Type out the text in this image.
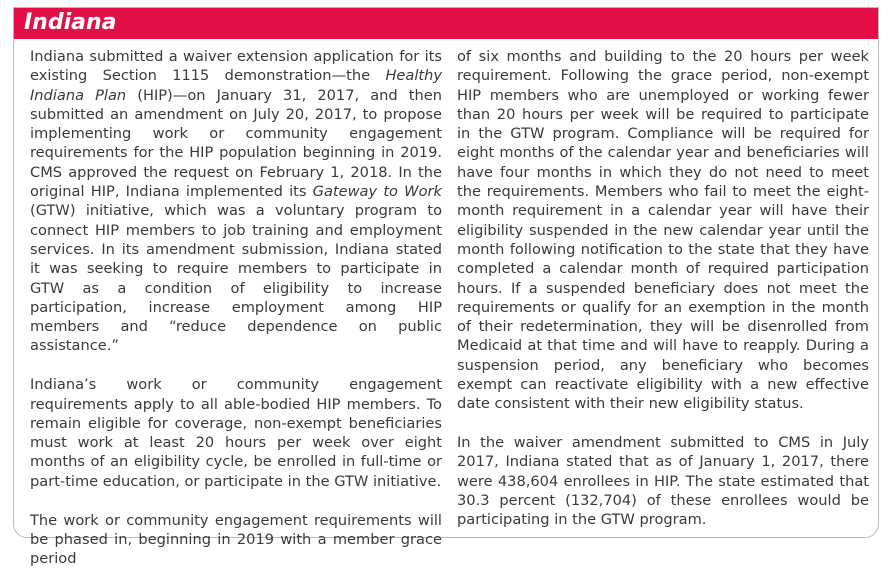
Indiana

Indiana submitted a waiver extension application for its existing Section 1115 demonstration—the Healthy Indiana Plan (HIP)—on January 31, 2017, and then submitted an amendment on July 20, 2017, to propose implementing work or community engagement requirements for the HIP population beginning in 2019. CMS approved the request on February 1, 2018. In the original HIP, Indiana implemented its Gateway to Work (GTW) initiative, which was a voluntary program to connect HIP members to job training and employment services. In its amendment submission, Indiana stated it was seeking to require members to participate in GTW as a condition of eligibility to increase participation, increase employment among HIP members and “reduce dependence on public assistance.”

Indiana’s work or community engagement requirements apply to all able-bodied HIP members. To remain eligible for coverage, non-exempt beneficiaries must work at least 20 hours per week over eight months of an eligibility cycle, be enrolled in full-time or part-time education, or participate in the GTW initiative.

The work or community engagement requirements will be phased in, beginning in 2019 with a member grace period

of six months and building to the 20 hours per week requirement. Following the grace period, non-exempt HIP members who are unemployed or working fewer than 20 hours per week will be required to participate in the GTW program. Compliance will be required for eight months of the calendar year and beneficiaries will have four months in which they do not need to meet the requirements. Members who fail to meet the eight-month requirement in a calendar year will have their eligibility suspended in the new calendar year until the month following notification to the state that they have completed a calendar month of required participation hours. If a suspended beneficiary does not meet the requirements or qualify for an exemption in the month of their redetermination, they will be disenrolled from Medicaid at that time and will have to reapply. During a suspension period, any beneficiary who becomes exempt can reactivate eligibility with a new effective date consistent with their new eligibility status.

In the waiver amendment submitted to CMS in July 2017, Indiana stated that as of January 1, 2017, there were 438,604 enrollees in HIP. The state estimated that 30.3 percent (132,704) of these enrollees would be participating in the GTW program.
